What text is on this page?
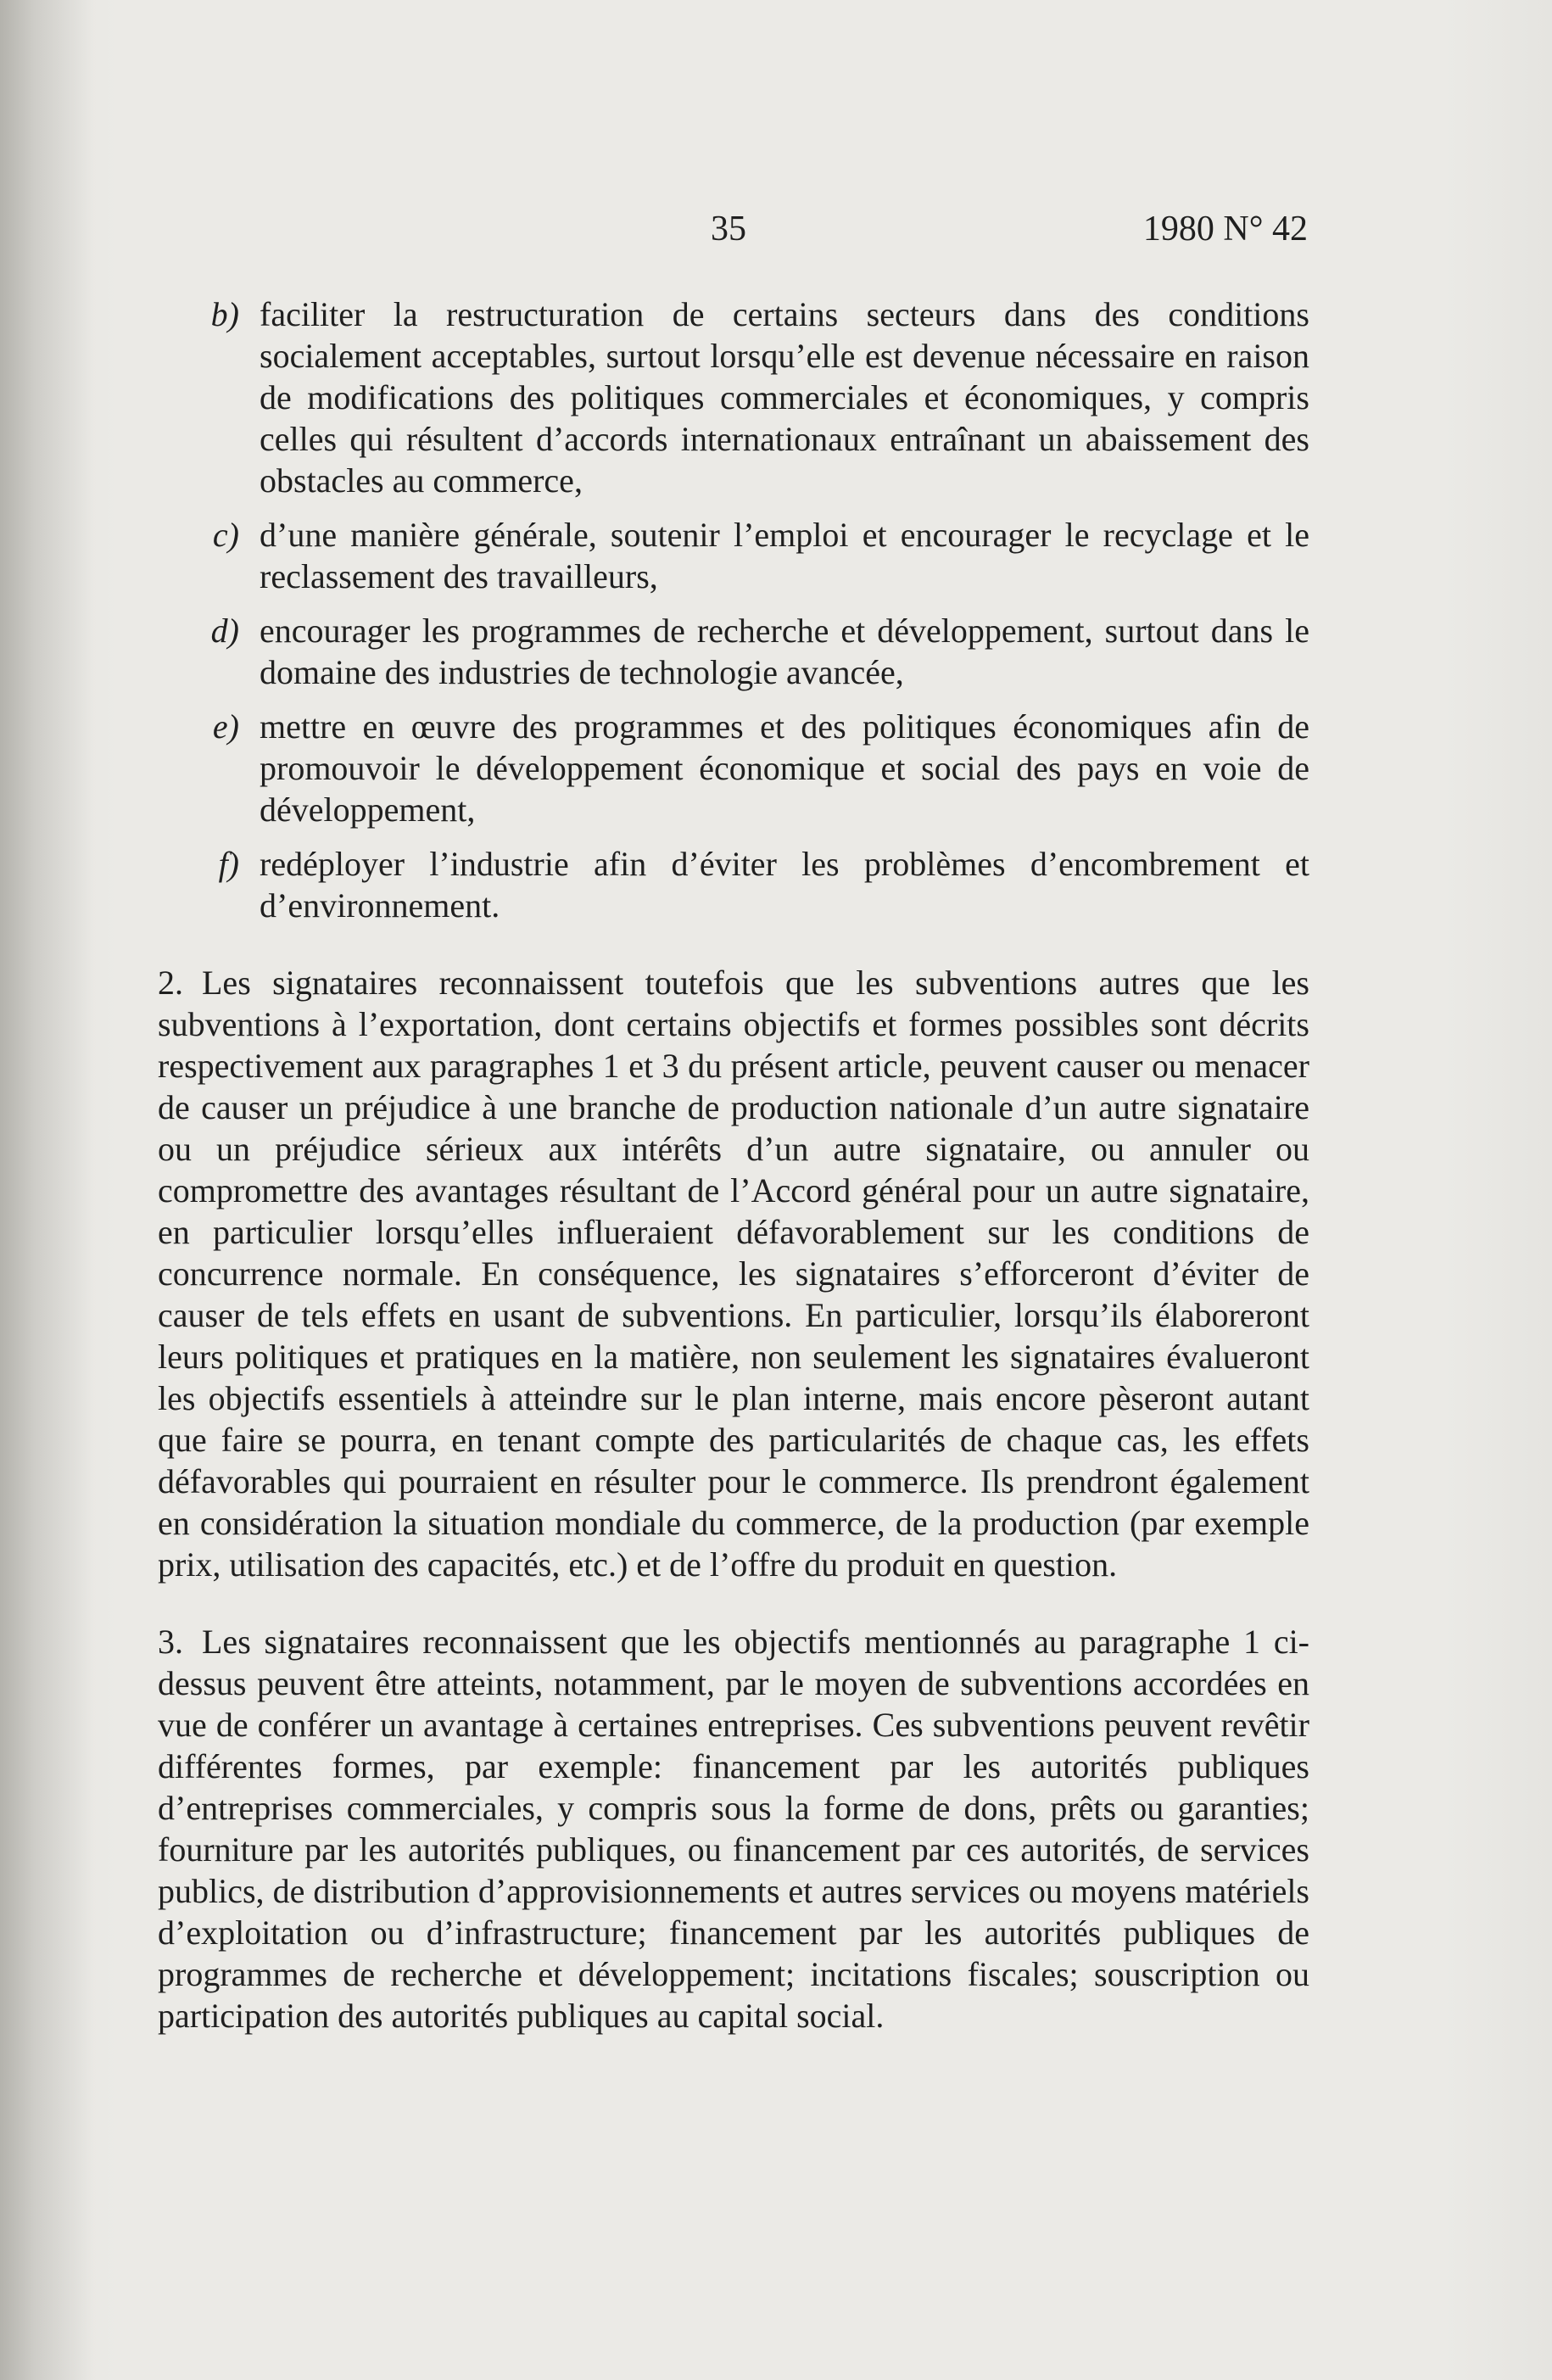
35	1980 N° 42
b) faciliter la restructuration de certains secteurs dans des conditions socialement acceptables, surtout lorsqu’elle est devenue nécessaire en raison de modifications des politiques commerciales et économiques, y compris celles qui résultent d’accords internationaux entraînant un abaissement des obstacles au commerce,
c) d’une manière générale, soutenir l’emploi et encourager le recyclage et le reclassement des travailleurs,
d) encourager les programmes de recherche et développement, surtout dans le domaine des industries de technologie avancée,
e) mettre en œuvre des programmes et des politiques économiques afin de promouvoir le développement économique et social des pays en voie de développement,
f) redéployer l’industrie afin d’éviter les problèmes d’encombrement et d’environnement.

2. Les signataires reconnaissent toutefois que les subventions autres que les subventions à l’exportation, dont certains objectifs et formes possibles sont décrits respectivement aux paragraphes 1 et 3 du présent article, peuvent causer ou menacer de causer un préjudice à une branche de production nationale d’un autre signataire ou un préjudice sérieux aux intérêts d’un autre signataire, ou annuler ou compromettre des avantages résultant de l’Accord général pour un autre signataire, en particulier lorsqu’elles influeraient défavorablement sur les conditions de concurrence normale. En conséquence, les signataires s’efforceront d’éviter de causer de tels effets en usant de subventions. En particulier, lorsqu’ils élaboreront leurs politiques et pratiques en la matière, non seulement les signataires évalueront les objectifs essentiels à atteindre sur le plan interne, mais encore pèseront autant que faire se pourra, en tenant compte des particularités de chaque cas, les effets défavorables qui pourraient en résulter pour le commerce. Ils prendront également en considération la situation mondiale du commerce, de la production (par exemple prix, utilisation des capacités, etc.) et de l’offre du produit en question.

3. Les signataires reconnaissent que les objectifs mentionnés au paragraphe 1 ci-dessus peuvent être atteints, notamment, par le moyen de subventions accordées en vue de conférer un avantage à certaines entreprises. Ces subventions peuvent revêtir différentes formes, par exemple: financement par les autorités publiques d’entreprises commerciales, y compris sous la forme de dons, prêts ou garanties; fourniture par les autorités publiques, ou financement par ces autorités, de services publics, de distribution d’approvisionnements et autres services ou moyens matériels d’exploitation ou d’infrastructure; financement par les autorités publiques de programmes de recherche et développement; incitations fiscales; souscription ou participation des autorités publiques au capital social.
